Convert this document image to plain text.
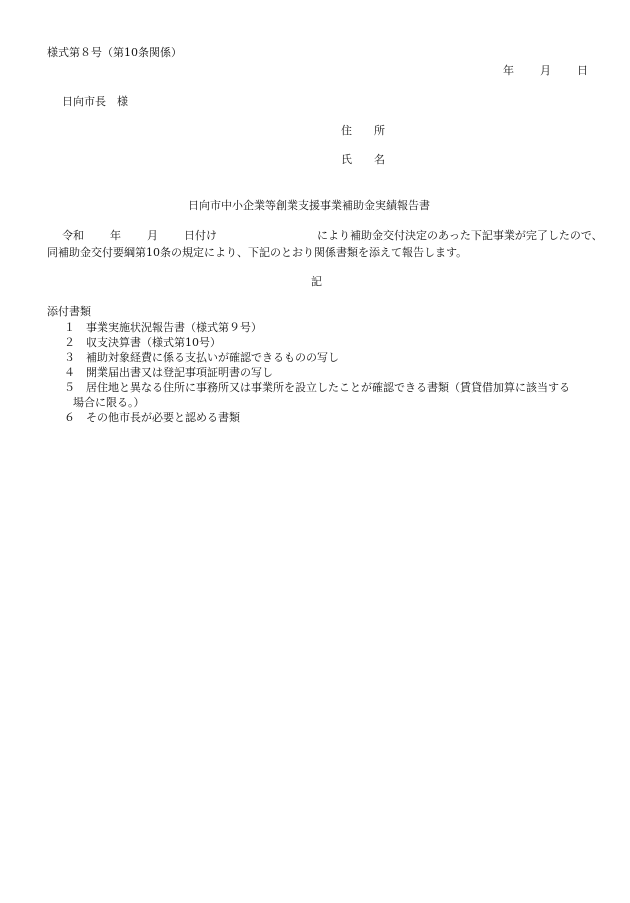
様式第８号（第10条関係）
年 月 日
日向市長　様
住　　所
氏　　名
日向市中小企業等創業支援事業補助金実績報告書
令和 年 月 日付け	により補助金交付決定のあった下記事業が完了したので、
同補助金交付要綱第10条の規定により、下記のとおり関係書類を添えて報告します。
記
添付書類
１ 事業実施状況報告書（様式第９号）
２ 収支決算書（様式第10号）
３ 補助対象経費に係る支払いが確認できるものの写し
４ 開業届出書又は登記事項証明書の写し
５ 居住地と異なる住所に事務所又は事業所を設立したことが確認できる書類（賃貸借加算に該当する
場合に限る。）
６ その他市長が必要と認める書類
